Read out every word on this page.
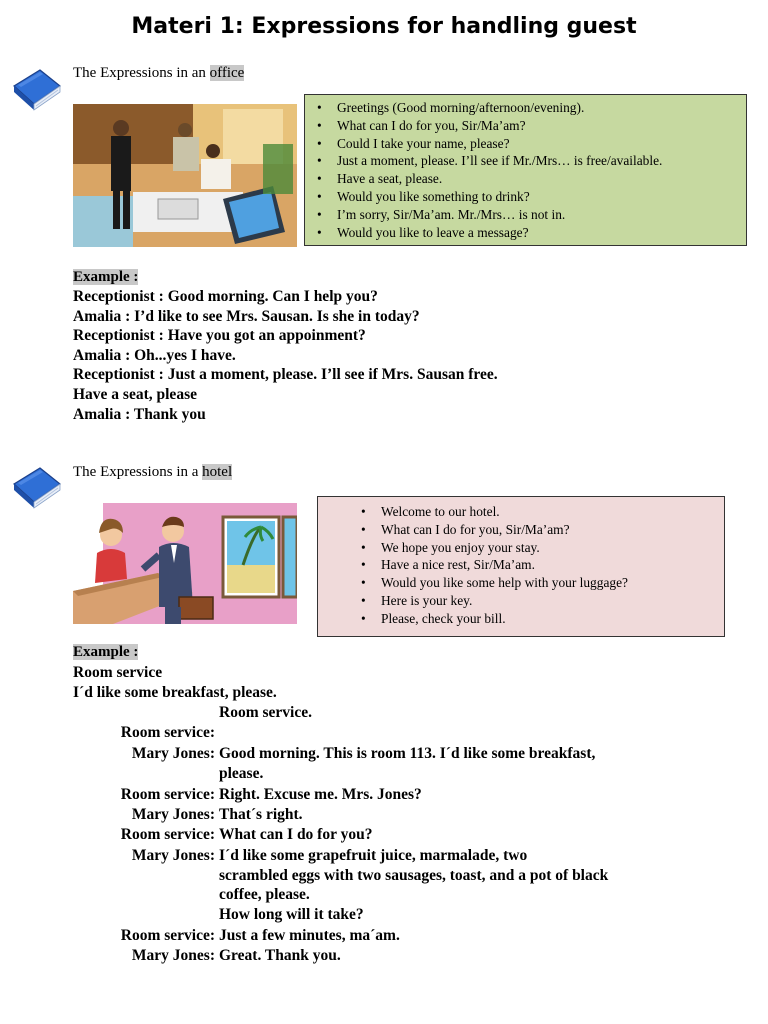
Materi 1: Expressions for handling guest
The Expressions in an office
• Greetings (Good morning/afternoon/evening).
• What can I do for you, Sir/Ma’am?
• Could I take your name, please?
• Just a moment, please. I’ll see if Mr./Mrs… is free/available.
• Have a seat, please.
• Would you like something to drink?
• I’m sorry, Sir/Ma’am. Mr./Mrs… is not in.
• Would you like to leave a message?
Example :
Receptionist : Good morning. Can I help you?
Amalia : I’d like to see Mrs. Sausan. Is she in today?
Receptionist : Have you got an appoinment?
Amalia : Oh...yes I have.
Receptionist : Just a moment, please. I’ll see if Mrs. Sausan free.
Have a seat, please
Amalia : Thank you
The Expressions in a hotel
• Welcome to our hotel.
• What can I do for you, Sir/Ma’am?
• We hope you enjoy your stay.
• Have a nice rest, Sir/Ma’am.
• Would you like some help with your luggage?
• Here is your key.
• Please, check your bill.
Example :
Room service
I´d like some breakfast, please.
Room service.
Room service:
Mary Jones: Good morning. This is room 113. I´d like some breakfast,
please.
Room service: Right. Excuse me. Mrs. Jones?
Mary Jones: That´s right.
Room service: What can I do for you?
Mary Jones: I´d like some grapefruit juice, marmalade, two
scrambled eggs with two sausages, toast, and a pot of black
coffee, please.
How long will it take?
Room service: Just a few minutes, ma´am.
Mary Jones: Great. Thank you.
